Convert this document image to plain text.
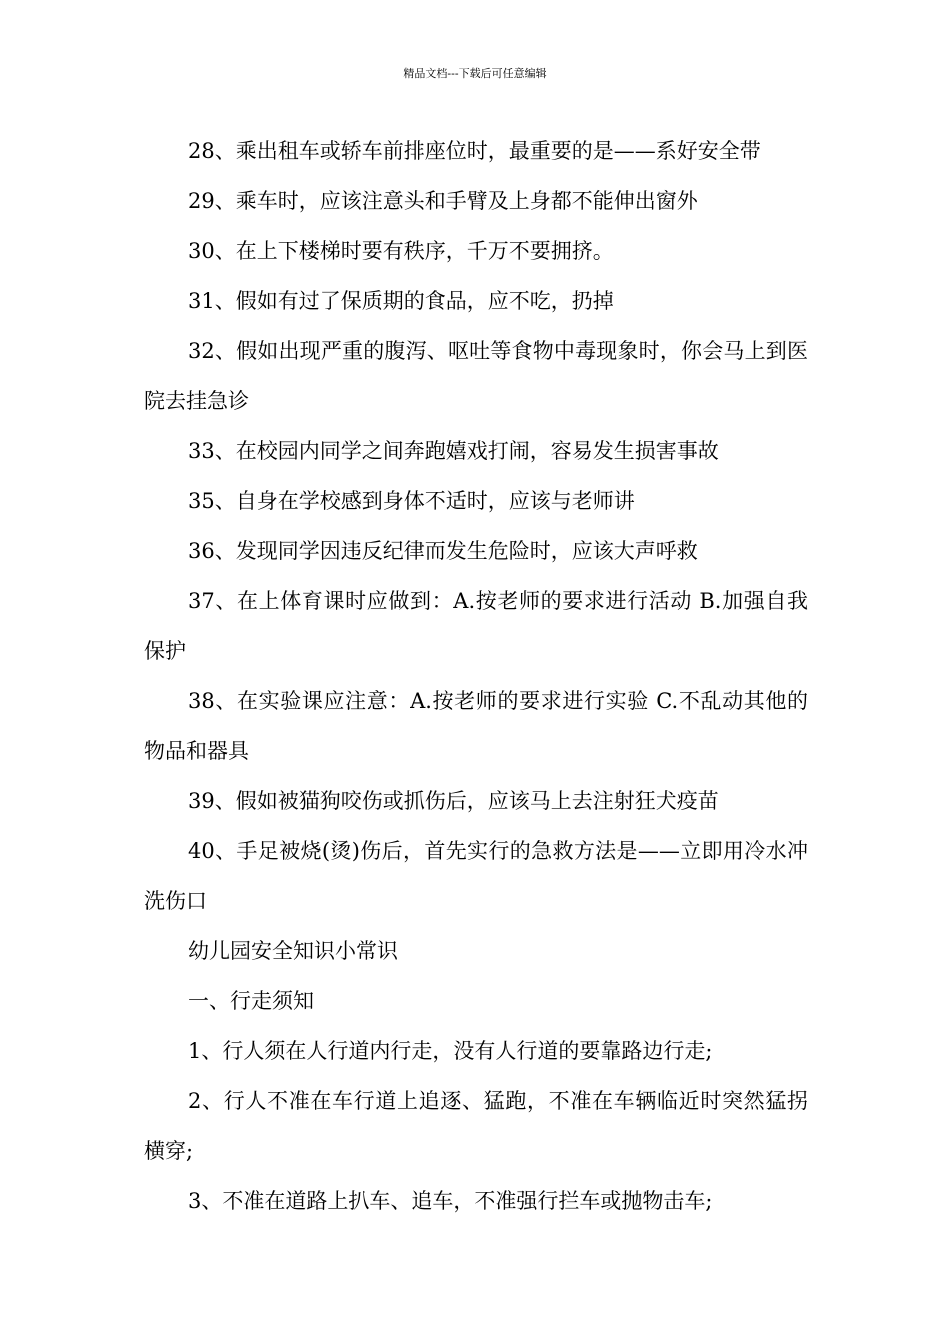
精品文档---下载后可任意编辑

28、乘出租车或轿车前排座位时，最重要的是——系好安全带

29、乘车时，应该注意头和手臂及上身都不能伸出窗外

30、在上下楼梯时要有秩序，千万不要拥挤。

31、假如有过了保质期的食品，应不吃，扔掉

32、假如出现严重的腹泻、呕吐等食物中毒现象时，你会马上到医院去挂急诊

33、在校园内同学之间奔跑嬉戏打闹，容易发生损害事故

35、自身在学校感到身体不适时，应该与老师讲

36、发现同学因违反纪律而发生危险时，应该大声呼救

37、在上体育课时应做到：A.按老师的要求进行活动 B.加强自我保护

38、在实验课应注意：A.按老师的要求进行实验 C.不乱动其他的物品和器具

39、假如被猫狗咬伤或抓伤后，应该马上去注射狂犬疫苗

40、手足被烧(烫)伤后，首先实行的急救方法是——立即用冷水冲洗伤口

幼儿园安全知识小常识

一、行走须知

1、行人须在人行道内行走，没有人行道的要靠路边行走;

2、行人不准在车行道上追逐、猛跑，不准在车辆临近时突然猛拐横穿;

3、不准在道路上扒车、追车，不准强行拦车或抛物击车;
